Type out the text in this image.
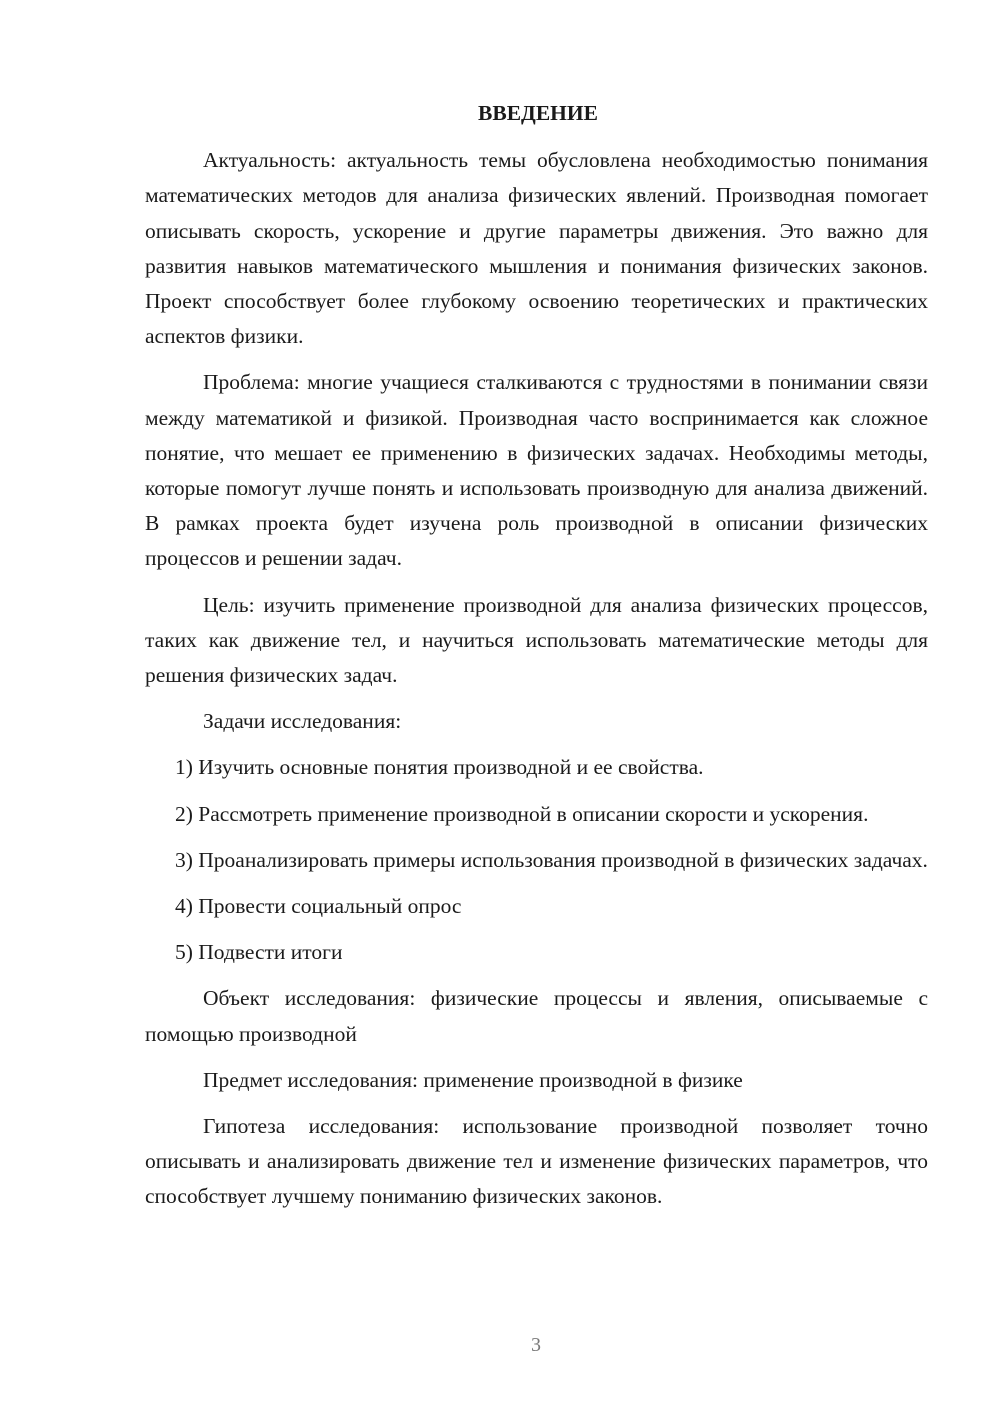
ВВЕДЕНИЕ

Актуальность: актуальность темы обусловлена необходимостью понимания математических методов для анализа физических явлений. Производная помогает описывать скорость, ускорение и другие параметры движения. Это важно для развития навыков математического мышления и понимания физических законов. Проект способствует более глубокому освоению теоретических и практических аспектов физики.

Проблема: многие учащиеся сталкиваются с трудностями в понимании связи между математикой и физикой. Производная часто воспринимается как сложное понятие, что мешает ее применению в физических задачах. Необходимы методы, которые помогут лучше понять и использовать производную для анализа движений. В рамках проекта будет изучена роль производной в описании физических процессов и решении задач.

Цель: изучить применение производной для анализа физических процессов, таких как движение тел, и научиться использовать математические методы для решения физических задач.

Задачи исследования:

1) Изучить основные понятия производной и ее свойства.

2) Рассмотреть применение производной в описании скорости и ускорения.

3) Проанализировать примеры использования производной в физических задачах.

4) Провести социальный опрос

5) Подвести итоги

Объект исследования: физические процессы и явления, описываемые с помощью производной

Предмет исследования: применение производной в физике

Гипотеза исследования: использование производной позволяет точно описывать и анализировать движение тел и изменение физических параметров, что способствует лучшему пониманию физических законов.

3
